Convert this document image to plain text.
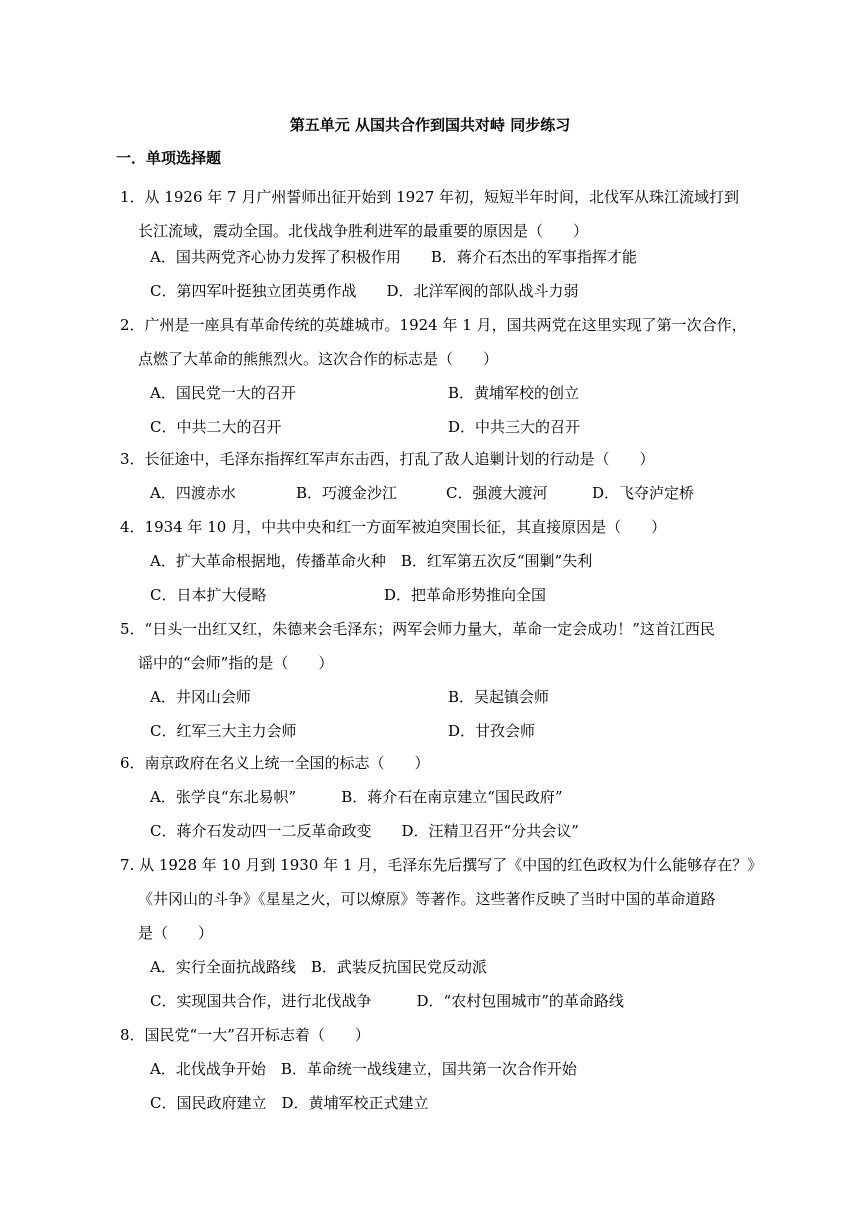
第五单元 从国共合作到国共对峙 同步练习
一．单项选择题
1．从 1926 年 7 月广州誓师出征开始到 1927 年初，短短半年时间，北伐军从珠江流域打到
长江流域，震动全国。北伐战争胜利进军的最重要的原因是（　　）
A．国共两党齐心协力发挥了积极作用　　 B．蒋介石杰出的军事指挥才能
C．第四军叶挺独立团英勇作战　　 D．北洋军阀的部队战斗力弱
2．广州是一座具有革命传统的英雄城市。1924 年 1 月，国共两党在这里实现了第一次合作，
点燃了大革命的熊熊烈火。这次合作的标志是（　　）
A．国民党一大的召开	B．黄埔军校的创立
C．中共二大的召开	D．中共三大的召开
3．长征途中，毛泽东指挥红军声东击西，打乱了敌人追剿计划的行动是（　　）
A．四渡赤水	B．巧渡金沙江	C．强渡大渡河	D．飞夺泸定桥
4．1934 年 10 月，中共中央和红一方面军被迫突围长征，其直接原因是（　　）
A．扩大革命根据地，传播革命火种　 B．红军第五次反“围剿”失利
C．日本扩大侵略	D．把革命形势推向全国
5．“日头一出红又红，朱德来会毛泽东；两军会师力量大，革命一定会成功！”这首江西民
谣中的“会师”指的是（　　）
A．井冈山会师	B．吴起镇会师
C．红军三大主力会师	D．甘孜会师
6．南京政府在名义上统一全国的标志（　　）
A．张学良“东北易帜”　　　	B．蒋介石在南京建立“国民政府”
C．蒋介石发动四一二反革命政变　　 D．汪精卫召开“分共会议”
7. 从 1928 年 10 月到 1930 年 1 月，毛泽东先后撰写了《中国的红色政权为什么能够存在？》
《井冈山的斗争》《星星之火，可以燎原》等著作。这些著作反映了当时中国的革命道路
是（　　）
A．实行全面抗战路线　 B．武装反抗国民党反动派
C．实现国共合作，进行北伐战争　　　	D．“农村包围城市”的革命路线
8．国民党“一大”召开标志着（　　）
A．北伐战争开始　 B．革命统一战线建立，国共第一次合作开始
C．国民政府建立　 D．黄埔军校正式建立
